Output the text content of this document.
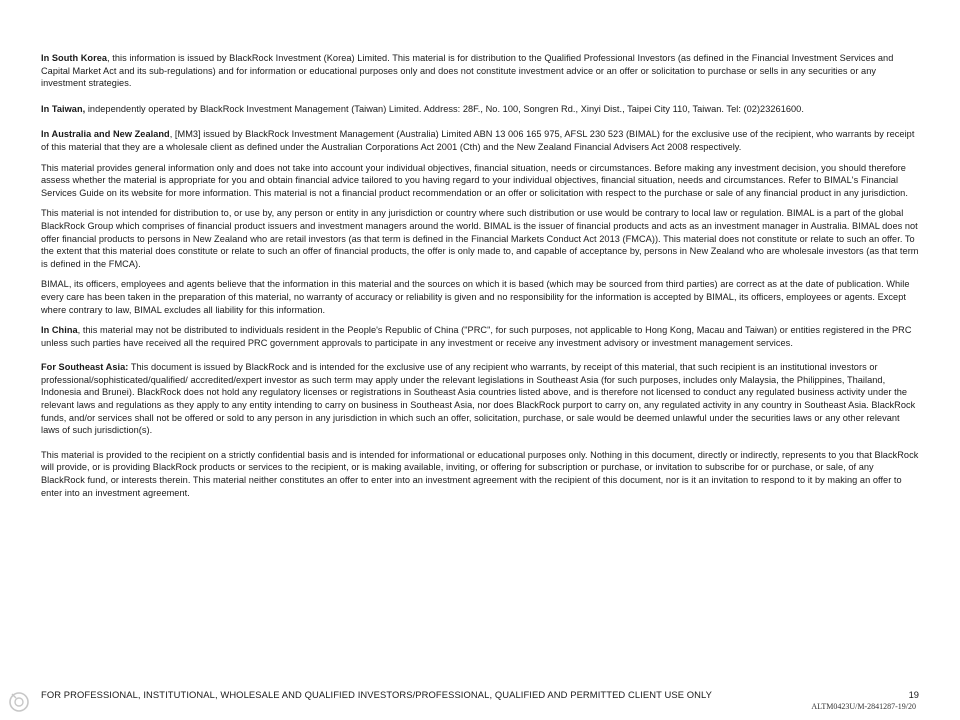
In South Korea, this information is issued by BlackRock Investment (Korea) Limited. This material is for distribution to the Qualified Professional Investors (as defined in the Financial Investment Services and Capital Market Act and its sub-regulations) and for information or educational purposes only and does not constitute investment advice or an offer or solicitation to purchase or sells in any securities or any investment strategies.

In Taiwan, independently operated by BlackRock Investment Management (Taiwan) Limited. Address: 28F., No. 100, Songren Rd., Xinyi Dist., Taipei City 110, Taiwan. Tel: (02)23261600.

In Australia and New Zealand, [MM3] issued by BlackRock Investment Management (Australia) Limited ABN 13 006 165 975, AFSL 230 523 (BIMAL) for the exclusive use of the recipient, who warrants by receipt of this material that they are a wholesale client as defined under the Australian Corporations Act 2001 (Cth) and the New Zealand Financial Advisers Act 2008 respectively.

This material provides general information only and does not take into account your individual objectives, financial situation, needs or circumstances. Before making any investment decision, you should therefore assess whether the material is appropriate for you and obtain financial advice tailored to you having regard to your individual objectives, financial situation, needs and circumstances. Refer to BIMAL's Financial Services Guide on its website for more information. This material is not a financial product recommendation or an offer or solicitation with respect to the purchase or sale of any financial product in any jurisdiction.

This material is not intended for distribution to, or use by, any person or entity in any jurisdiction or country where such distribution or use would be contrary to local law or regulation. BIMAL is a part of the global BlackRock Group which comprises of financial product issuers and investment managers around the world. BIMAL is the issuer of financial products and acts as an investment manager in Australia. BIMAL does not offer financial products to persons in New Zealand who are retail investors (as that term is defined in the Financial Markets Conduct Act 2013 (FMCA)). This material does not constitute or relate to such an offer. To the extent that this material does constitute or relate to such an offer of financial products, the offer is only made to, and capable of acceptance by, persons in New Zealand who are wholesale investors (as that term is defined in the FMCA).

BIMAL, its officers, employees and agents believe that the information in this material and the sources on which it is based (which may be sourced from third parties) are correct as at the date of publication. While every care has been taken in the preparation of this material, no warranty of accuracy or reliability is given and no responsibility for the information is accepted by BIMAL, its officers, employees or agents. Except where contrary to law, BIMAL excludes all liability for this information.

In China, this material may not be distributed to individuals resident in the People's Republic of China ("PRC", for such purposes, not applicable to Hong Kong, Macau and Taiwan) or entities registered in the PRC unless such parties have received all the required PRC government approvals to participate in any investment or receive any investment advisory or investment management services.

For Southeast Asia: This document is issued by BlackRock and is intended for the exclusive use of any recipient who warrants, by receipt of this material, that such recipient is an institutional investors or professional/sophisticated/qualified/ accredited/expert investor as such term may apply under the relevant legislations in Southeast Asia (for such purposes, includes only Malaysia, the Philippines, Thailand, Indonesia and Brunei). BlackRock does not hold any regulatory licenses or registrations in Southeast Asia countries listed above, and is therefore not licensed to conduct any regulated business activity under the relevant laws and regulations as they apply to any entity intending to carry on business in Southeast Asia, nor does BlackRock purport to carry on, any regulated activity in any country in Southeast Asia. BlackRock funds, and/or services shall not be offered or sold to any person in any jurisdiction in which such an offer, solicitation, purchase, or sale would be deemed unlawful under the securities laws or any other relevant laws of such jurisdiction(s).

This material is provided to the recipient on a strictly confidential basis and is intended for informational or educational purposes only. Nothing in this document, directly or indirectly, represents to you that BlackRock will provide, or is providing BlackRock products or services to the recipient, or is making available, inviting, or offering for subscription or purchase, or invitation to subscribe for or purchase, or sale, of any BlackRock fund, or interests therein. This material neither constitutes an offer to enter into an investment agreement with the recipient of this document, nor is it an invitation to respond to it by making an offer to enter into an investment agreement.

FOR PROFESSIONAL, INSTITUTIONAL, WHOLESALE AND QUALIFIED INVESTORS/PROFESSIONAL, QUALIFIED AND PERMITTED CLIENT USE ONLY	19
ALTM0423U/M-2841287-19/20
